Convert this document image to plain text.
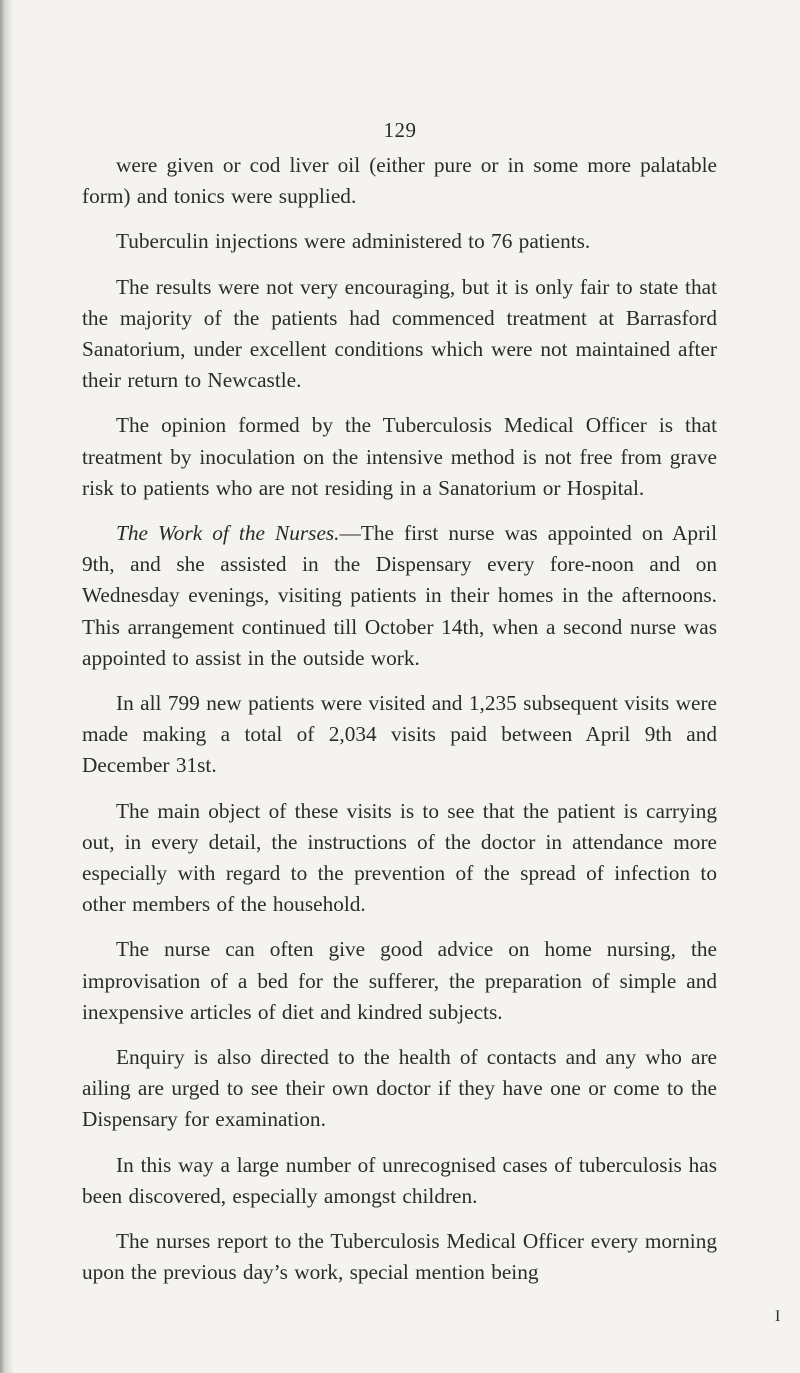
129

were given or cod liver oil (either pure or in some more palatable form) and tonics were supplied.

Tuberculin injections were administered to 76 patients.

The results were not very encouraging, but it is only fair to state that the majority of the patients had commenced treatment at Barrasford Sanatorium, under excellent conditions which were not maintained after their return to Newcastle.

The opinion formed by the Tuberculosis Medical Officer is that treatment by inoculation on the intensive method is not free from grave risk to patients who are not residing in a Sanatorium or Hospital.

The Work of the Nurses.—The first nurse was appointed on April 9th, and she assisted in the Dispensary every fore-noon and on Wednesday evenings, visiting patients in their homes in the afternoons. This arrangement continued till October 14th, when a second nurse was appointed to assist in the outside work.

In all 799 new patients were visited and 1,235 subsequent visits were made making a total of 2,034 visits paid between April 9th and December 31st.

The main object of these visits is to see that the patient is carrying out, in every detail, the instructions of the doctor in attendance more especially with regard to the prevention of the spread of infection to other members of the household.

The nurse can often give good advice on home nursing, the improvisation of a bed for the sufferer, the preparation of simple and inexpensive articles of diet and kindred subjects.

Enquiry is also directed to the health of contacts and any who are ailing are urged to see their own doctor if they have one or come to the Dispensary for examination.

In this way a large number of unrecognised cases of tuberculosis has been discovered, especially amongst children.

The nurses report to the Tuberculosis Medical Officer every morning upon the previous day’s work, special mention being

I
